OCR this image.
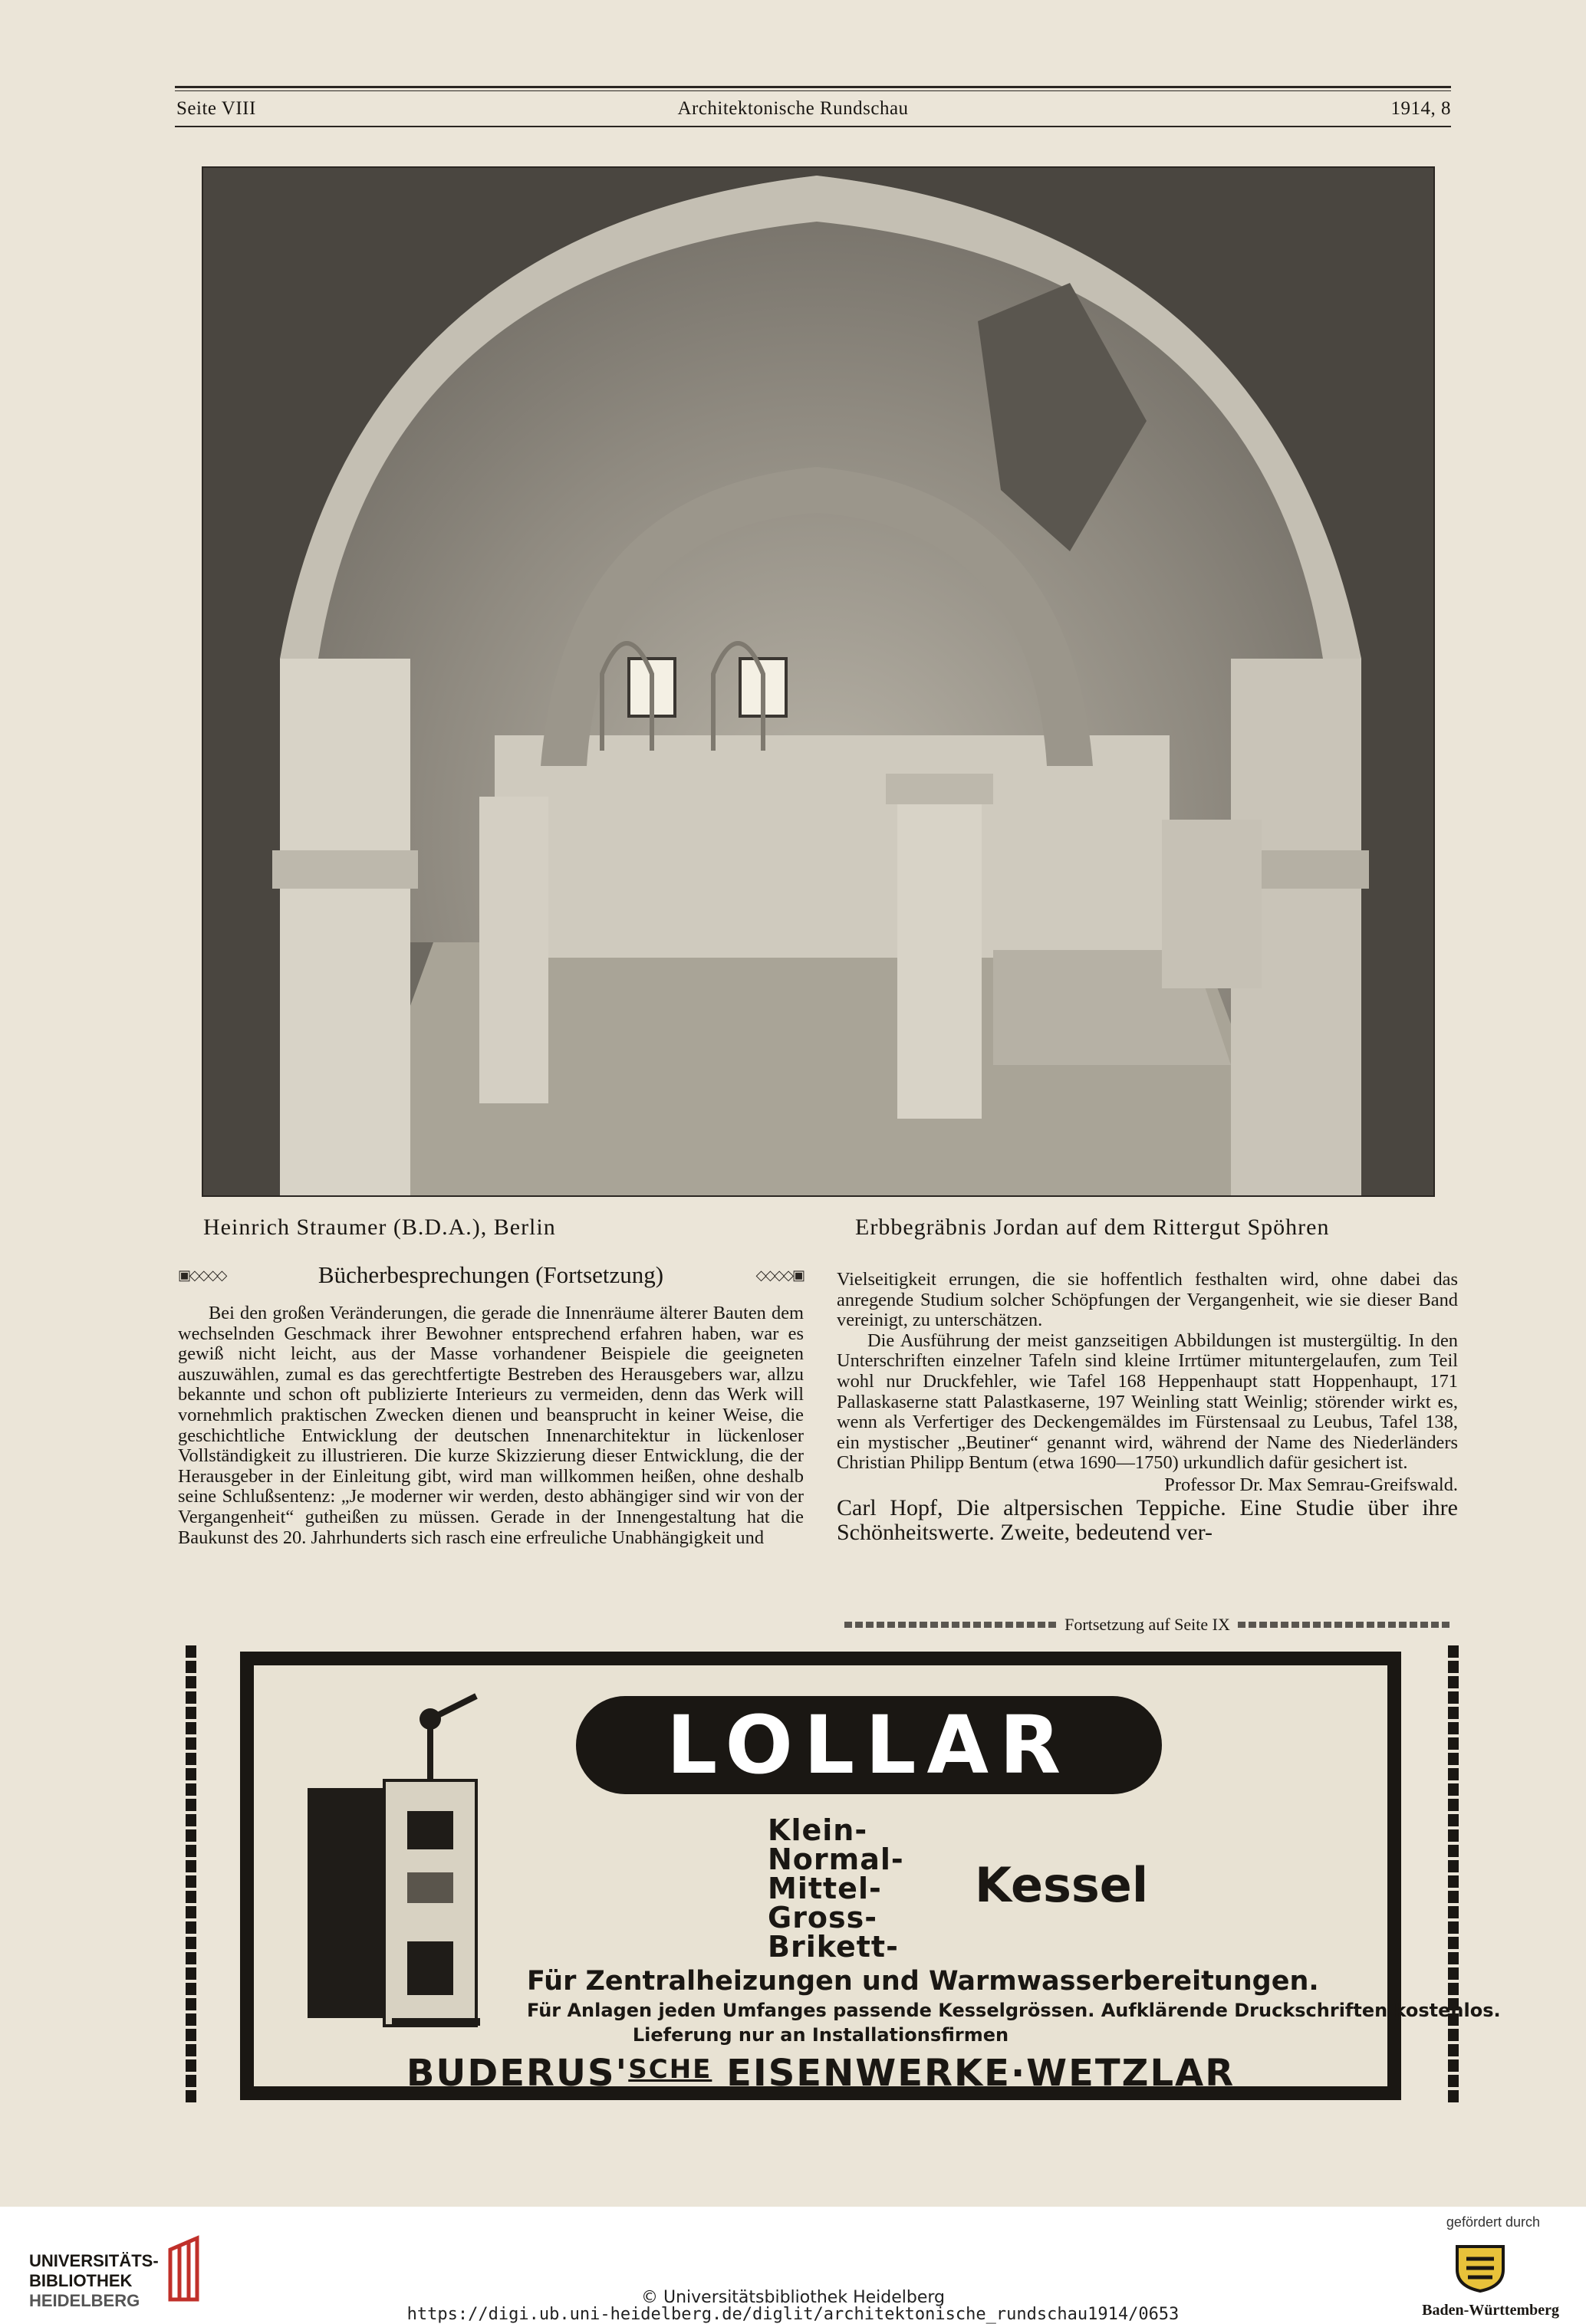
Seite VIII	Architektonische Rundschau	1914, 8
Heinrich Straumer (B.D.A.), Berlin	Erbbegräbnis Jordan auf dem Rittergut Spöhren
▣◇◇◇◇	Bücherbesprechungen (Fortsetzung)	◇◇◇◇▣

Bei den großen Veränderungen, die gerade die Innenräume älterer Bauten dem wechselnden Geschmack ihrer Bewohner entsprechend erfahren haben, war es gewiß nicht leicht, aus der Masse vorhandener Beispiele die geeigneten auszuwählen, zumal es das gerechtfertigte Bestreben des Herausgebers war, allzu bekannte und schon oft publizierte Interieurs zu vermeiden, denn das Werk will vornehmlich praktischen Zwecken dienen und beansprucht in keiner Weise, die geschichtliche Entwicklung der deutschen Innenarchitektur in lückenloser Vollständigkeit zu illustrieren. Die kurze Skizzierung dieser Entwicklung, die der Herausgeber in der Einleitung gibt, wird man willkommen heißen, ohne deshalb seine Schlußsentenz: „Je moderner wir werden, desto abhängiger sind wir von der Vergangenheit“ gutheißen zu müssen. Gerade in der Innengestaltung hat die Baukunst des 20. Jahrhunderts sich rasch eine erfreuliche Unabhängigkeit und

Vielseitigkeit errungen, die sie hoffentlich festhalten wird, ohne dabei das anregende Studium solcher Schöpfungen der Vergangenheit, wie sie dieser Band vereinigt, zu unterschätzen.

Die Ausführung der meist ganzseitigen Abbildungen ist mustergültig. In den Unterschriften einzelner Tafeln sind kleine Irrtümer mituntergelaufen, zum Teil wohl nur Druckfehler, wie Tafel 168 Heppenhaupt statt Hoppenhaupt, 171 Pallaskaserne statt Palastkaserne, 197 Weinling statt Weinlig; störender wirkt es, wenn als Verfertiger des Deckengemäldes im Fürstensaal zu Leubus, Tafel 138, ein mystischer „Beutiner“ genannt wird, während der Name des Niederländers Christian Philipp Bentum (etwa 1690—1750) urkundlich dafür gesichert ist.

Professor Dr. Max Semrau-Greifswald.

Carl Hopf, Die altpersischen Teppiche. Eine Studie über ihre Schönheitswerte. Zweite, bedeutend ver-

Fortsetzung auf Seite IX
LOLLAR
Klein-
Normal-
Mittel-
Gross-
Brikett-
Kessel
Für Zentralheizungen und Warmwasserbereitungen.
Für Anlagen jeden Umfanges passende Kesselgrössen. Aufklärende Druckschriften kostenlos.
Lieferung nur an Installationsfirmen
$BUDERUS'^{SCHE}$ EISENWERKE·WETZLAR
UNIVERSITÄTS-
BIBLIOTHEK
HEIDELBERG	© Universitätsbibliothek Heidelberg
https://digi.ub.uni-heidelberg.de/diglit/architektonische_rundschau1914/0653
gefördert durch
Baden-Württemberg
